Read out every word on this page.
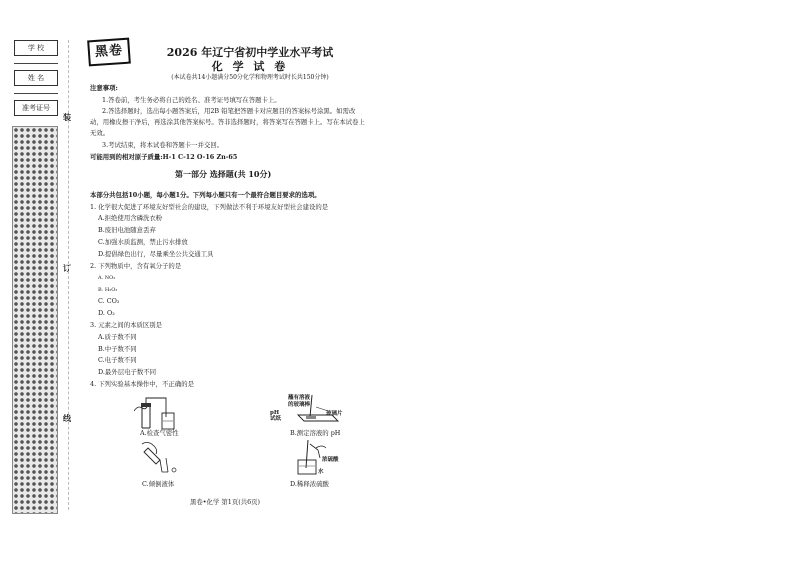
学 校
姓 名
准考证号
装
订
线
黑卷	2026 年辽宁省初中学业水平考试
化 学 试 卷
(本试卷共14小题满分50分化学和物理考试时长共150分钟)
注意事项:
1.答卷前，考生务必将自己的姓名、准考证号填写在答题卡上。
2.答选择题时，选出每小题答案后，用2B 铅笔把答题卡对应题目的答案标号涂黑。如需改
动，用橡皮擦干净后，再选涂其他答案标号。答非选择题时，将答案写在答题卡上。写在本试卷上
无效。
3.考试结束，将本试卷和答题卡一并交回。
可能用到的相对原子质量:H-1 C-12 O-16 Zn-65
第一部分 选择题(共 10分)
本部分共包括10小题，每小题1分。下列每小题只有一个最符合题目要求的选项。
1. 化学很大促进了环境友好型社会的建设，下列做法不利于环境友好型社会建设的是
A.拒绝使用含磷洗衣粉
B.废旧电池随意丢弃
C.加强水质监测，禁止污水排放
D.提倡绿色出行，尽量乘坐公共交通工具
2. 下列物质中，含有氧分子的是
A. NO₂
B. H₂O₂
C. CO₂
D. O₂
3. 元素之间的本质区别是
A.质子数不同
B.中子数不同
C.电子数不同
D.最外层电子数不同
4. 下列实验基本操作中，不正确的是
A.检查气密性
蘸有溶液
的玻璃棒
玻璃片
pH
试纸
B.测定溶液的 pH
C.倾倒液体
浓硫酸
水
D.稀释浓硫酸
黑卷•化学 第1页(共6页)
